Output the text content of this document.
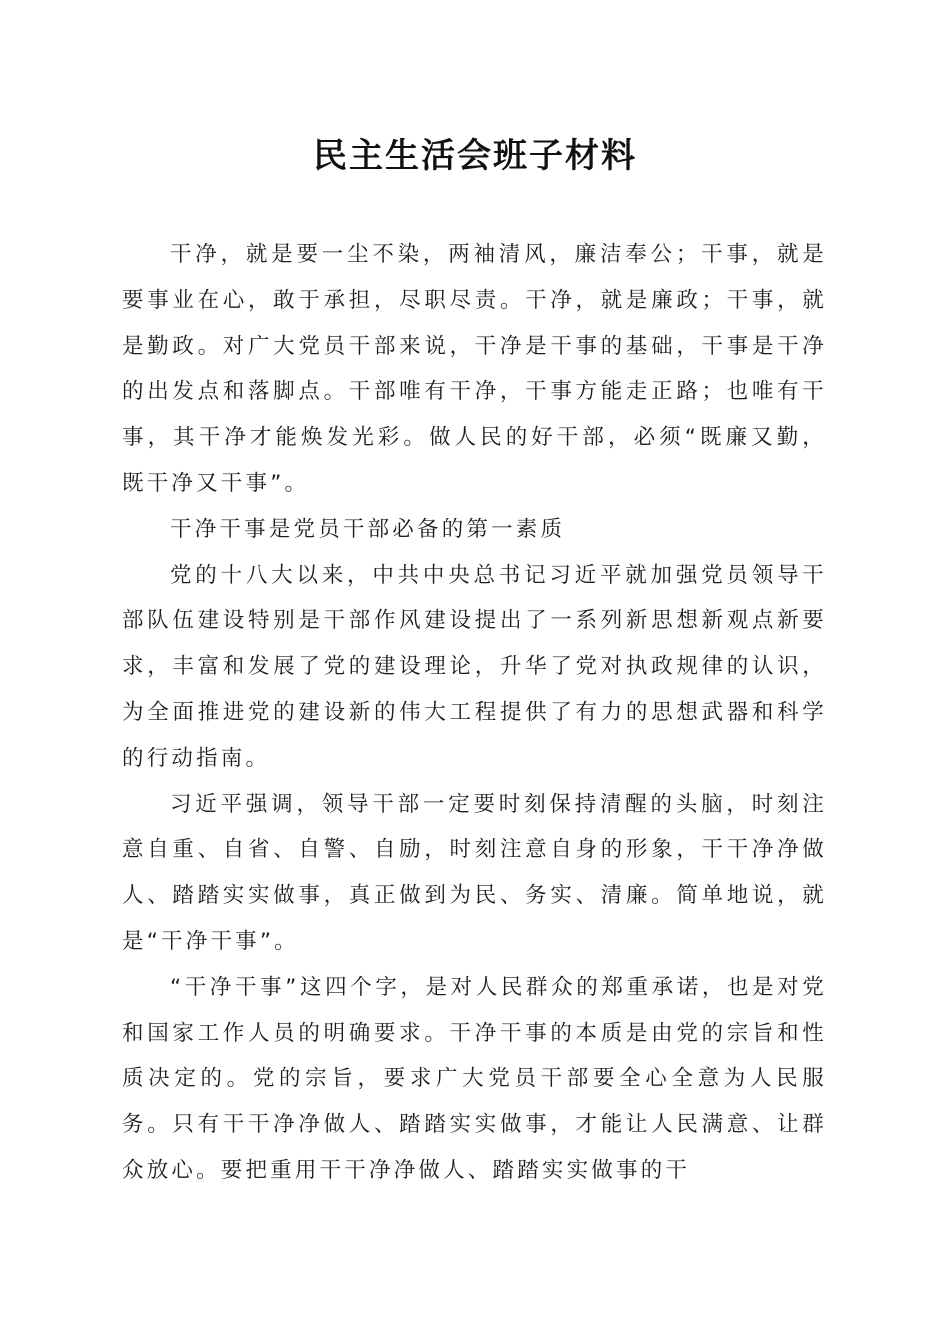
民主生活会班子材料

干净，就是要一尘不染，两袖清风，廉洁奉公；干事，就是要事业在心，敢于承担，尽职尽责。干净，就是廉政；干事，就是勤政。对广大党员干部来说，干净是干事的基础，干事是干净的出发点和落脚点。干部唯有干净，干事方能走正路；也唯有干事，其干净才能焕发光彩。做人民的好干部，必须“既廉又勤，既干净又干事”。

干净干事是党员干部必备的第一素质

党的十八大以来，中共中央总书记习近平就加强党员领导干部队伍建设特别是干部作风建设提出了一系列新思想新观点新要求，丰富和发展了党的建设理论，升华了党对执政规律的认识，为全面推进党的建设新的伟大工程提供了有力的思想武器和科学的行动指南。

习近平强调，领导干部一定要时刻保持清醒的头脑，时刻注意自重、自省、自警、自励，时刻注意自身的形象，干干净净做人、踏踏实实做事，真正做到为民、务实、清廉。简单地说，就是“干净干事”。

“干净干事”这四个字，是对人民群众的郑重承诺，也是对党和国家工作人员的明确要求。干净干事的本质是由党的宗旨和性质决定的。党的宗旨，要求广大党员干部要全心全意为人民服务。只有干干净净做人、踏踏实实做事，才能让人民满意、让群众放心。要把重用干干净净做人、踏踏实实做事的干
